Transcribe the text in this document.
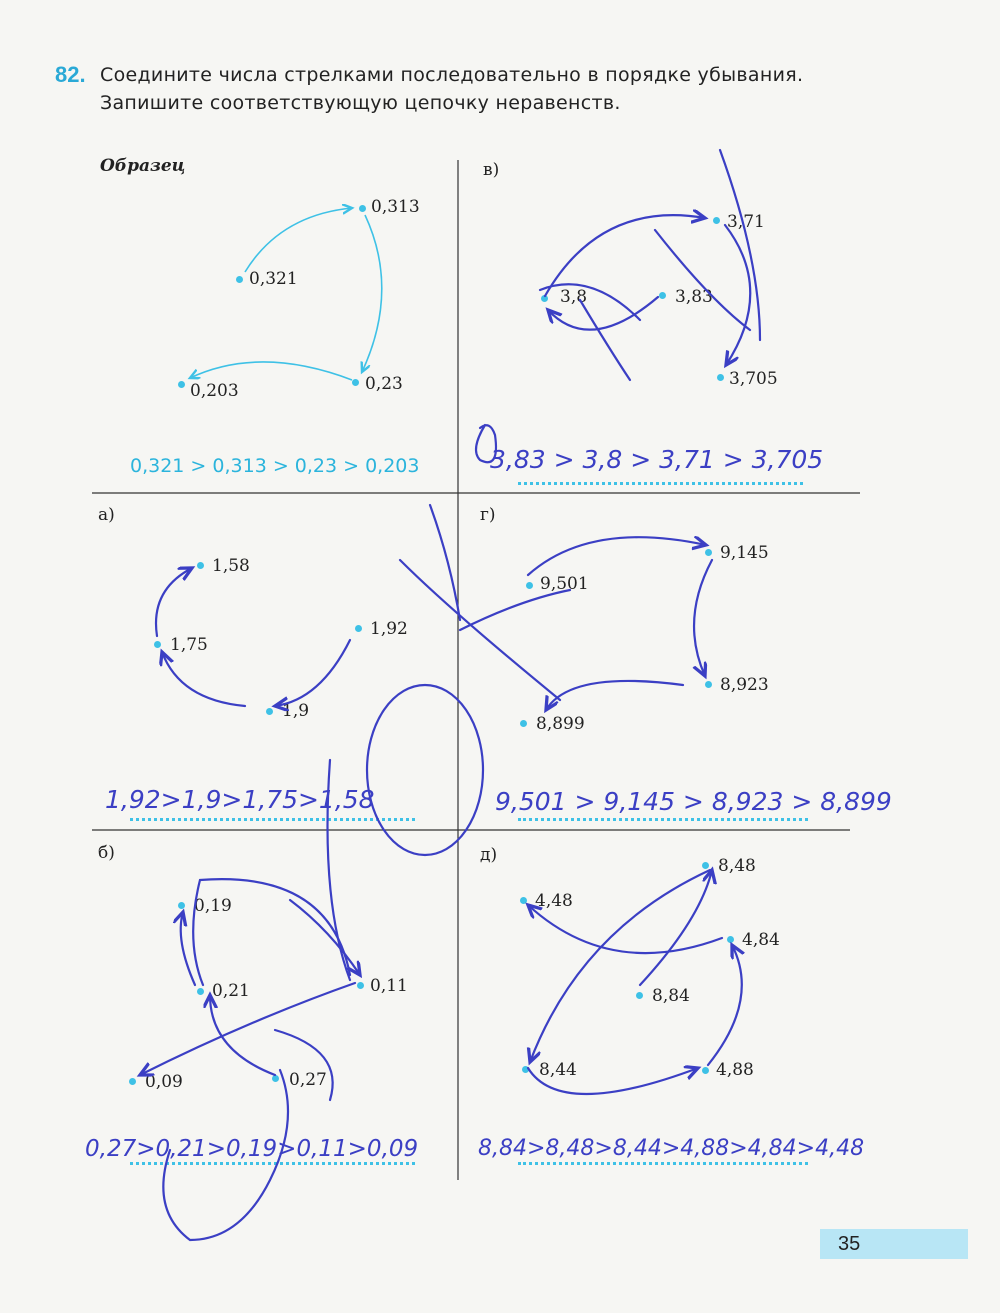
82. Соедините числа стрелками последовательно в порядке убывания.
Запишите соответствующую цепочку неравенств.
Образец
0,313
0,321
0,203	0,23
0,321 > 0,313 > 0,23 > 0,203
в)
3,71
3,8	3,83
3,705
3,83 > 3,8 > 3,71 > 3,705
а)
1,58
1,75
1,92
1,9
1,92>1,9>1,75>1,58
г)
9,145
9,501
8,923
8,899
9,501 > 9,145 > 8,923 > 8,899
б)
0,19
0,21	0,11
0,09	0,27
0,27>0,21>0,19>0,11>0,09
д)
8,48
4,48
4,84
8,84
8,44	4,88
8,84>8,48>8,44>4,88>4,84>4,48
35
